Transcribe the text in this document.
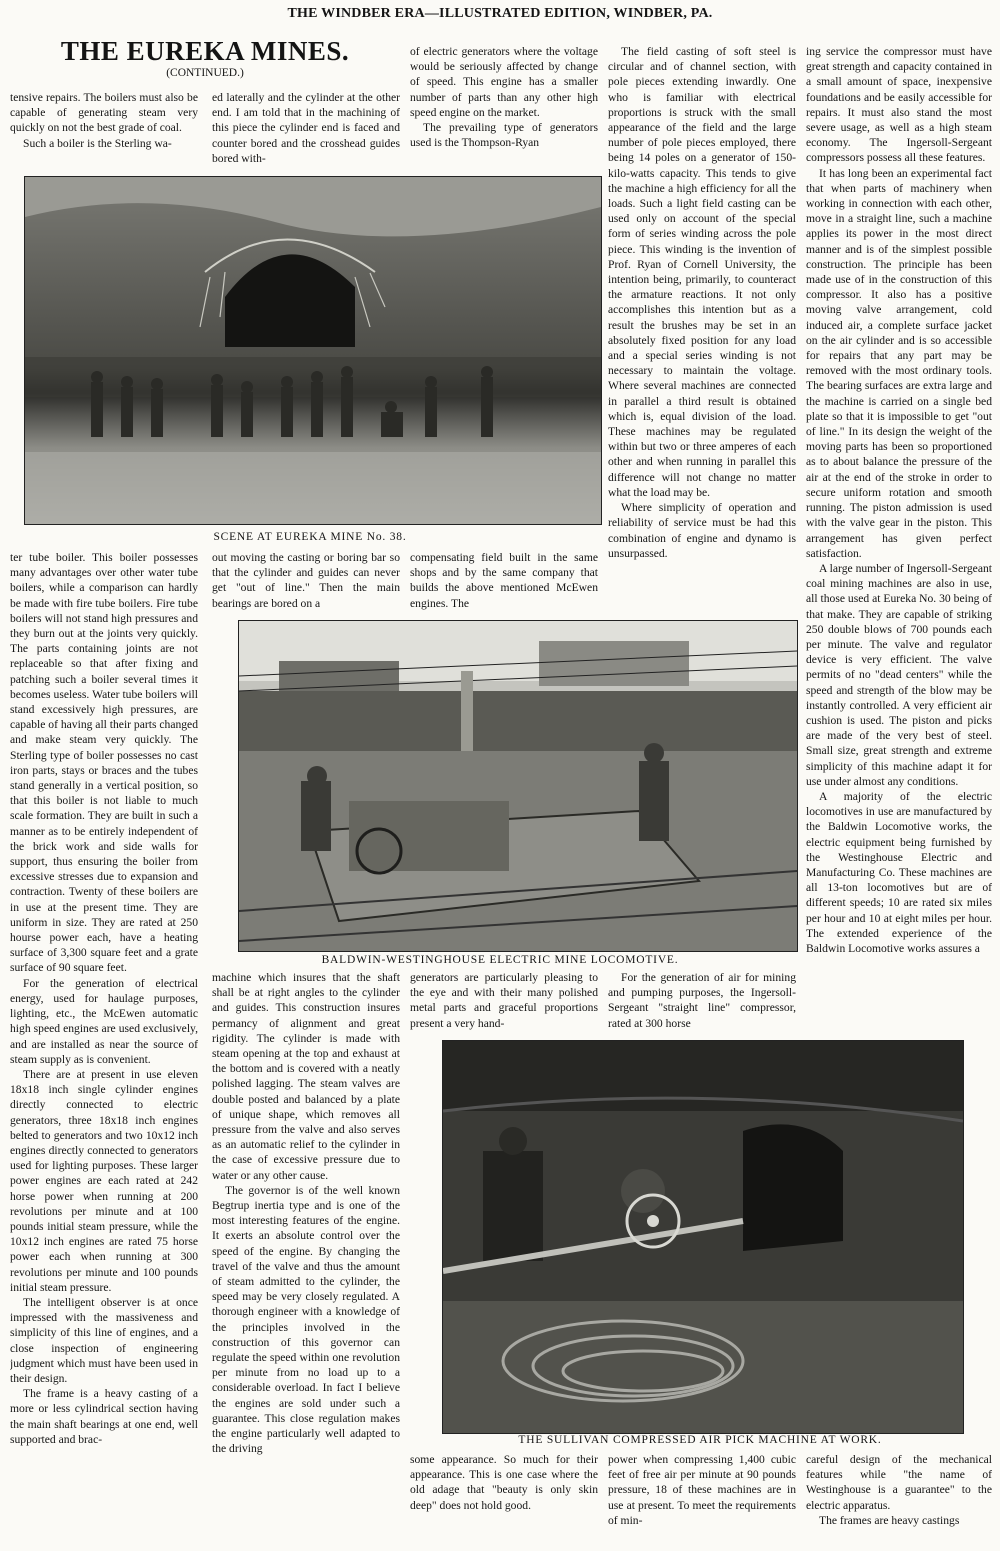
THE WINDBER ERA—ILLUSTRATED EDITION, WINDBER, PA.
THE EUREKA MINES.
(CONTINUED.)
SCENE AT EUREKA MINE No. 38.
BALDWIN-WESTINGHOUSE ELECTRIC MINE LOCOMOTIVE.
THE SULLIVAN COMPRESSED AIR PICK MACHINE AT WORK.

tensive repairs. The boilers must also be capable of generating steam very quickly on not the best grade of coal.

Such a boiler is the Sterling wa-

ed laterally and the cylinder at the other end. I am told that in the machining of this piece the cylinder end is faced and counter bored and the crosshead guides bored with-

of electric generators where the voltage would be seriously affected by change of speed. This engine has a smaller number of parts than any other high speed engine on the market.

The prevailing type of generators used is the Thompson-Ryan

The field casting of soft steel is circular and of channel section, with pole pieces extending inwardly. One who is familiar with electrical proportions is struck with the small appearance of the field and the large number of pole pieces employed, there being 14 poles on a generator of 150-kilo-watts capacity. This tends to give the machine a high efficiency for all the loads. Such a light field casting can be used only on account of the special form of series winding across the pole piece. This winding is the invention of Prof. Ryan of Cornell University, the intention being, primarily, to counteract the armature reactions. It not only accomplishes this intention but as a result the brushes may be set in an absolutely fixed position for any load and a special series winding is not necessary to maintain the voltage. Where several machines are connected in parallel a third result is obtained which is, equal division of the load. These machines may be regulated within but two or three amperes of each other and when running in parallel this difference will not change no matter what the load may be.

Where simplicity of operation and reliability of service must be had this combination of engine and dynamo is unsurpassed.

ing service the compressor must have great strength and capacity contained in a small amount of space, inexpensive foundations and be easily accessible for repairs. It must also stand the most severe usage, as well as a high steam economy. The Ingersoll-Sergeant compressors possess all these features.

It has long been an experimental fact that when parts of machinery when working in connection with each other, move in a straight line, such a machine applies its power in the most direct manner and is of the simplest possible construction. The principle has been made use of in the construction of this compressor. It also has a positive moving valve arrangement, cold induced air, a complete surface jacket on the air cylinder and is so accessible for repairs that any part may be removed with the most ordinary tools. The bearing surfaces are extra large and the machine is carried on a single bed plate so that it is impossible to get "out of line." In its design the weight of the moving parts has been so proportioned as to about balance the pressure of the air at the end of the stroke in order to secure uniform rotation and smooth running. The piston admission is used with the valve gear in the piston. This arrangement has given perfect satisfaction.

A large number of Ingersoll-Sergeant coal mining machines are also in use, all those used at Eureka No. 30 being of that make. They are capable of striking 250 double blows of 700 pounds each per minute. The valve and regulator device is very efficient. The valve permits of no "dead centers" while the speed and strength of the blow may be instantly controlled. A very efficient air cushion is used. The piston and picks are made of the very best of steel. Small size, great strength and extreme simplicity of this machine adapt it for use under almost any conditions.

A majority of the electric locomotives in use are manufactured by the Baldwin Locomotive works, the electric equipment being furnished by the Westinghouse Electric and Manufacturing Co. These machines are all 13-ton locomotives but are of different speeds; 10 are rated six miles per hour and 10 at eight miles per hour. The extended experience of the Baldwin Locomotive works assures a

ter tube boiler. This boiler possesses many advantages over other water tube boilers, while a comparison can hardly be made with fire tube boilers. Fire tube boilers will not stand high pressures and they burn out at the joints very quickly. The parts containing joints are not replaceable so that after fixing and patching such a boiler several times it becomes useless. Water tube boilers will stand excessively high pressures, are capable of having all their parts changed and make steam very quickly. The Sterling type of boiler possesses no cast iron parts, stays or braces and the tubes stand generally in a vertical position, so that this boiler is not liable to much scale formation. They are built in such a manner as to be entirely independent of the brick work and side walls for support, thus ensuring the boiler from excessive stresses due to expansion and contraction. Twenty of these boilers are in use at the present time. They are uniform in size. They are rated at 250 hourse power each, have a heating surface of 3,300 square feet and a grate surface of 90 square feet.

For the generation of electrical energy, used for haulage purposes, lighting, etc., the McEwen automatic high speed engines are used exclusively, and are installed as near the source of steam supply as is convenient.

There are at present in use eleven 18x18 inch single cylinder engines directly connected to electric generators, three 18x18 inch engines belted to generators and two 10x12 inch engines directly connected to generators used for lighting purposes. These larger power engines are each rated at 242 horse power when running at 200 revolutions per minute and at 100 pounds initial steam pressure, while the 10x12 inch engines are rated 75 horse power each when running at 300 revolutions per minute and 100 pounds initial steam pressure.

The intelligent observer is at once impressed with the massiveness and simplicity of this line of engines, and a close inspection of engineering judgment which must have been used in their design.

The frame is a heavy casting of a more or less cylindrical section having the main shaft bearings at one end, well supported and brac-

out moving the casting or boring bar so that the cylinder and guides can never get "out of line." Then the main bearings are bored on a

compensating field built in the same shops and by the same company that builds the above mentioned McEwen engines. The

machine which insures that the shaft shall be at right angles to the cylinder and guides. This construction insures permancy of alignment and great rigidity. The cylinder is made with steam opening at the top and exhaust at the bottom and is covered with a neatly polished lagging. The steam valves are double posted and balanced by a plate of unique shape, which removes all pressure from the valve and also serves as an automatic relief to the cylinder in the case of excessive pressure due to water or any other cause.

The governor is of the well known Begtrup inertia type and is one of the most interesting features of the engine. It exerts an absolute control over the speed of the engine. By changing the travel of the valve and thus the amount of steam admitted to the cylinder, the speed may be very closely regulated. A thorough engineer with a knowledge of the principles involved in the construction of this governor can regulate the speed within one revolution per minute from no load up to a considerable overload. In fact I believe the engines are sold under such a guarantee. This close regulation makes the engine particularly well adapted to the driving

generators are particularly pleasing to the eye and with their many polished metal parts and graceful proportions present a very hand-

For the generation of air for mining and pumping purposes, the Ingersoll-Sergeant "straight line" compressor, rated at 300 horse

some appearance. So much for their appearance. This is one case where the old adage that "beauty is only skin deep" does not hold good.

power when compressing 1,400 cubic feet of free air per minute at 90 pounds pressure, 18 of these machines are in use at present. To meet the requirements of min-

careful design of the mechanical features while "the name of Westinghouse is a guarantee" to the electric apparatus.

The frames are heavy castings
